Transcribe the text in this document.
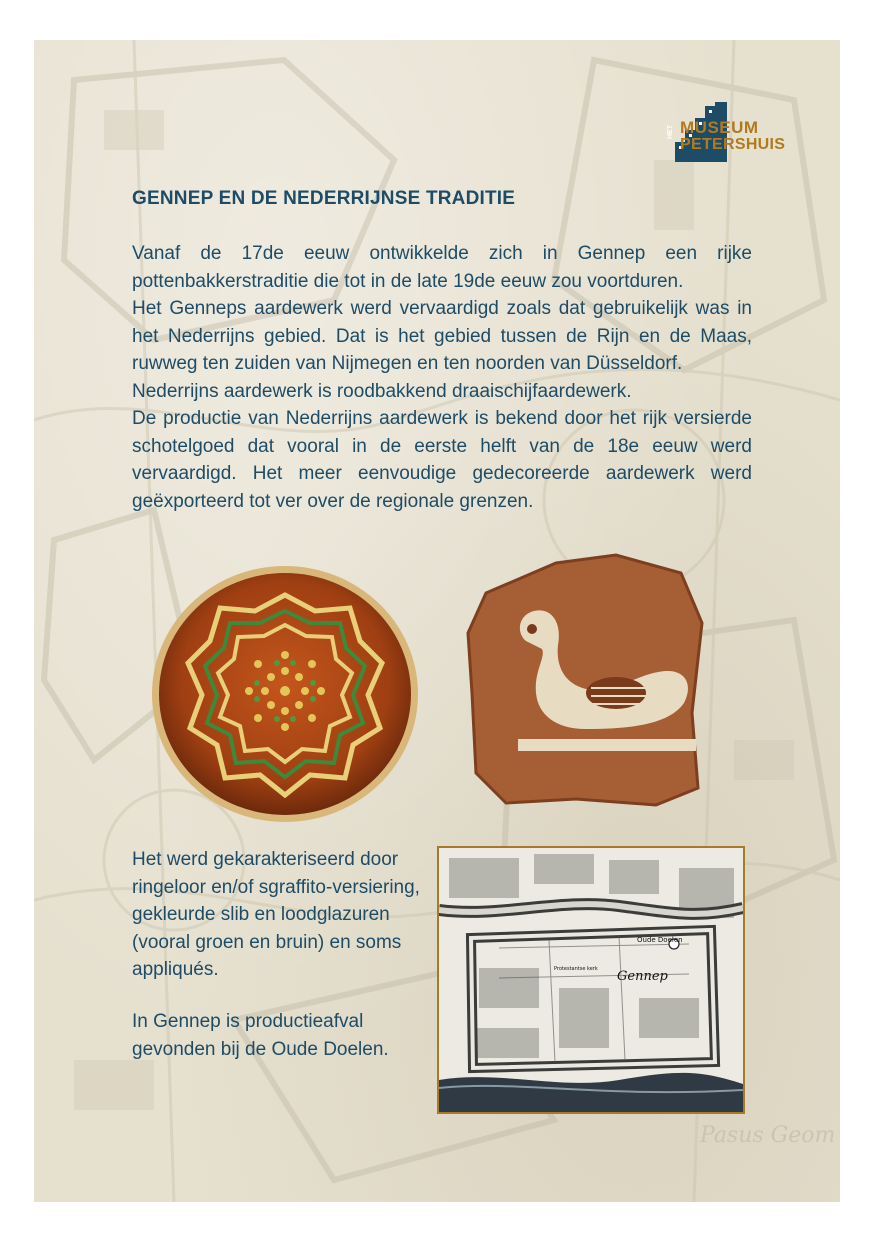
Pasus Geom
MUSEUM
PETERSHUIS
HET
GENNEP EN DE NEDERRIJNSE TRADITIE

Vanaf de 17de eeuw ontwikkelde zich in Gennep een rijke pottenbakkerstraditie die tot in de late 19de eeuw zou voortduren.

Het Genneps aardewerk werd vervaardigd zoals dat gebruikelijk was in het Nederrijns gebied. Dat is het gebied tussen de Rijn en de Maas, ruwweg ten zuiden van Nijmegen en ten noorden van Düsseldorf.

Nederrijns aardewerk is roodbakkend draaischijfaardewerk.

De productie van Nederrijns aardewerk is bekend door het rijk versierde schotelgoed dat vooral in de eerste helft van de 18e eeuw werd vervaardigd. Het meer eenvoudige gedecoreerde aardewerk werd geëxporteerd tot ver over de regionale grenzen.

Het werd gekarakteriseerd door ringeloor en/of sgraffito-versiering, gekleurde slib en loodglazuren (vooral groen en bruin) en soms appliqués.

In Gennep is productieafval gevonden bij de Oude Doelen.

Oude Doelen
Gennep
Protestantse kerk
